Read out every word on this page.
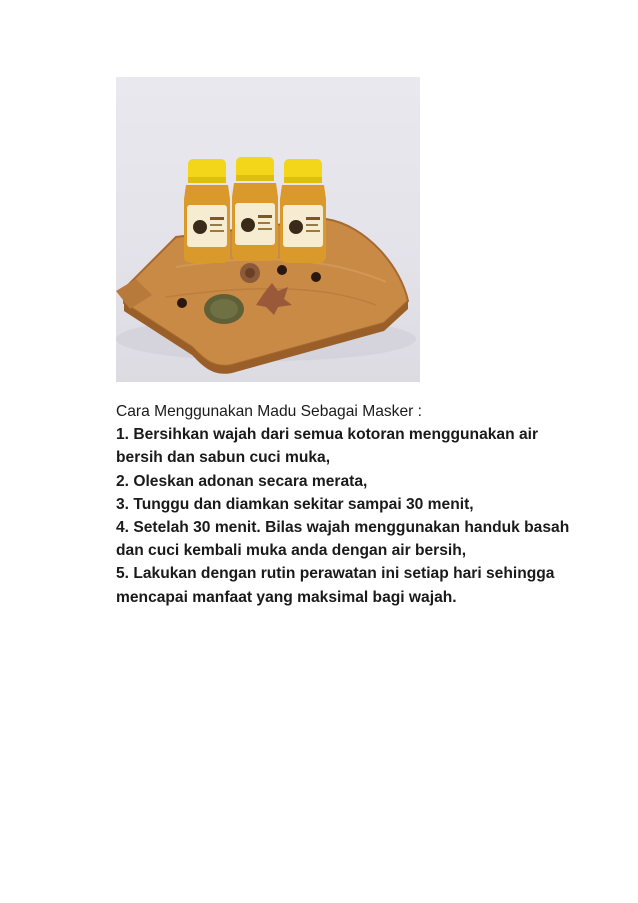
Cara Menggunakan Madu Sebagai Masker :

1. Bersihkan wajah dari semua kotoran menggunakan air bersih dan sabun cuci muka,

2. Oleskan adonan secara merata,

3. Tunggu dan diamkan sekitar sampai 30 menit,

4. Setelah 30 menit. Bilas wajah menggunakan handuk basah dan cuci kembali muka anda dengan air bersih,

5. Lakukan dengan rutin perawatan ini setiap hari sehingga mencapai manfaat yang maksimal bagi wajah.
